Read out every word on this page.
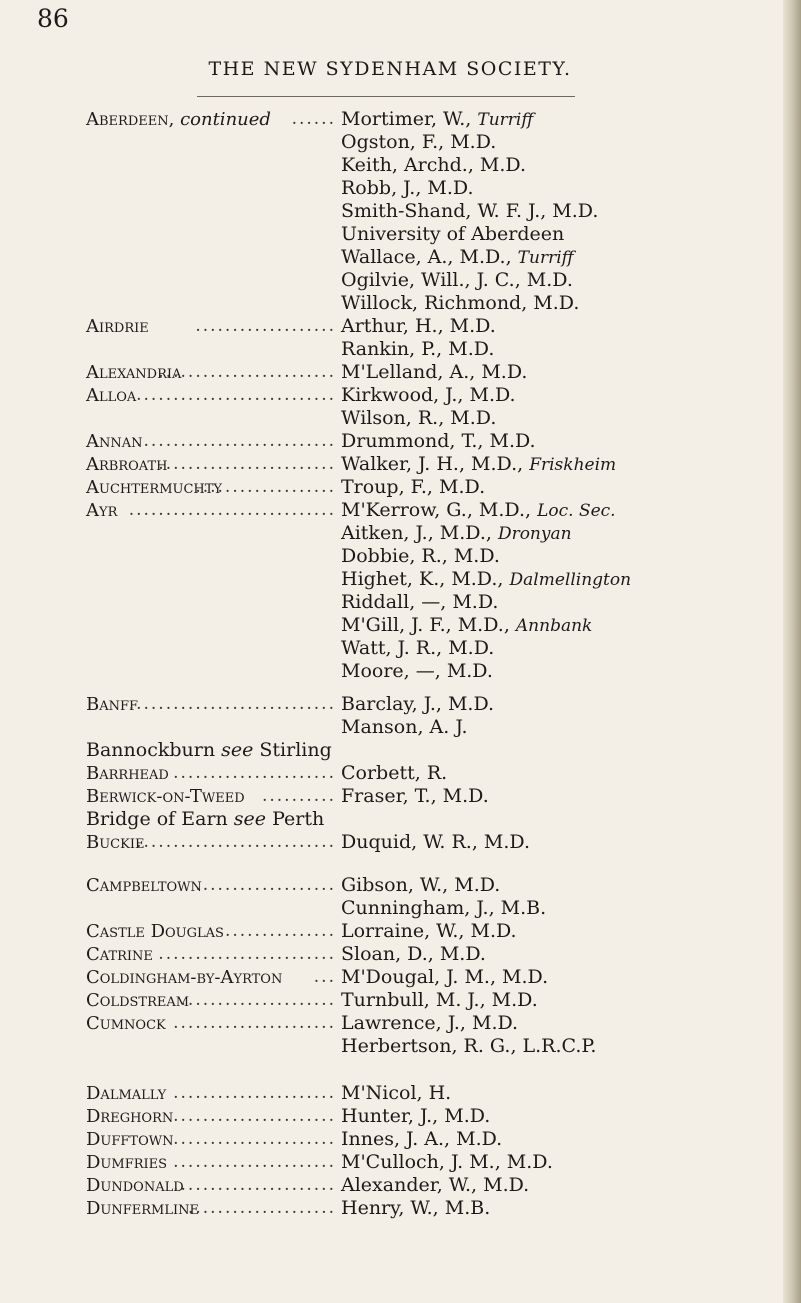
86
THE NEW SYDENHAM SOCIETY.
Aberdeen, continued ...... Mortimer, W., Turriff
Ogston, F., M.D.
Keith, Archd., M.D.
Robb, J., M.D.
Smith-Shand, W. F. J., M.D.
University of Aberdeen
Wallace, A., M.D., Turriff
Ogilvie, Will., J. C., M.D.
Willock, Richmond, M.D.
Airdrie	................... Arthur, H., M.D.
Rankin, P., M.D.
Alexandria
........................ M'Lelland, A., M.D.
Alloa ........................... Kirkwood, J., M.D.
Wilson, R., M.D.
Annan
........................... Drummond, T., M.D.
Arbroath
........................ Walker, J. H., M.D., Friskheim
Auchtermuchty
................... Troup, F., M.D.
Ayr ............................ M'Kerrow, G., M.D., Loc. Sec.
Aitken, J., M.D., Dronyan
Dobbie, R., M.D.
Highet, K., M.D., Dalmellington
Riddall, —, M.D.
M'Gill, J. F., M.D., Annbank
Watt, J. R., M.D.
Moore, —, M.D.
Banff
............................ Barclay, J., M.D.
Manson, A. J.
Bannockburn see Stirling
Barrhead ...................... Corbett, R.
Berwick-on-Tweed .......... Fraser, T., M.D.
Bridge of Earn see Perth
Buckie
........................... Duquid, W. R., M.D.
Campbeltown
................... Gibson, W., M.D.
Cunningham, J., M.B.
Castle Douglas ............... Lorraine, W., M.D.
Catrine ........................ Sloan, D., M.D.
Coldingham-by-Ayrton ... M'Dougal, J. M., M.D.
Coldstream
..................... Turnbull, M. J., M.D.
Cumnock ...................... Lawrence, J., M.D.
Herbertson, R. G., L.R.C.P.
Dalmally ...................... M'Nicol, H.
Dreghorn ...................... Hunter, J., M.D.
Dufftown ...................... Innes, J. A., M.D.
Dumfries ...................... M'Culloch, J. M., M.D.
Dundonald
...................... Alexander, W., M.D.
Dunfermline
.................... Henry, W., M.B.
